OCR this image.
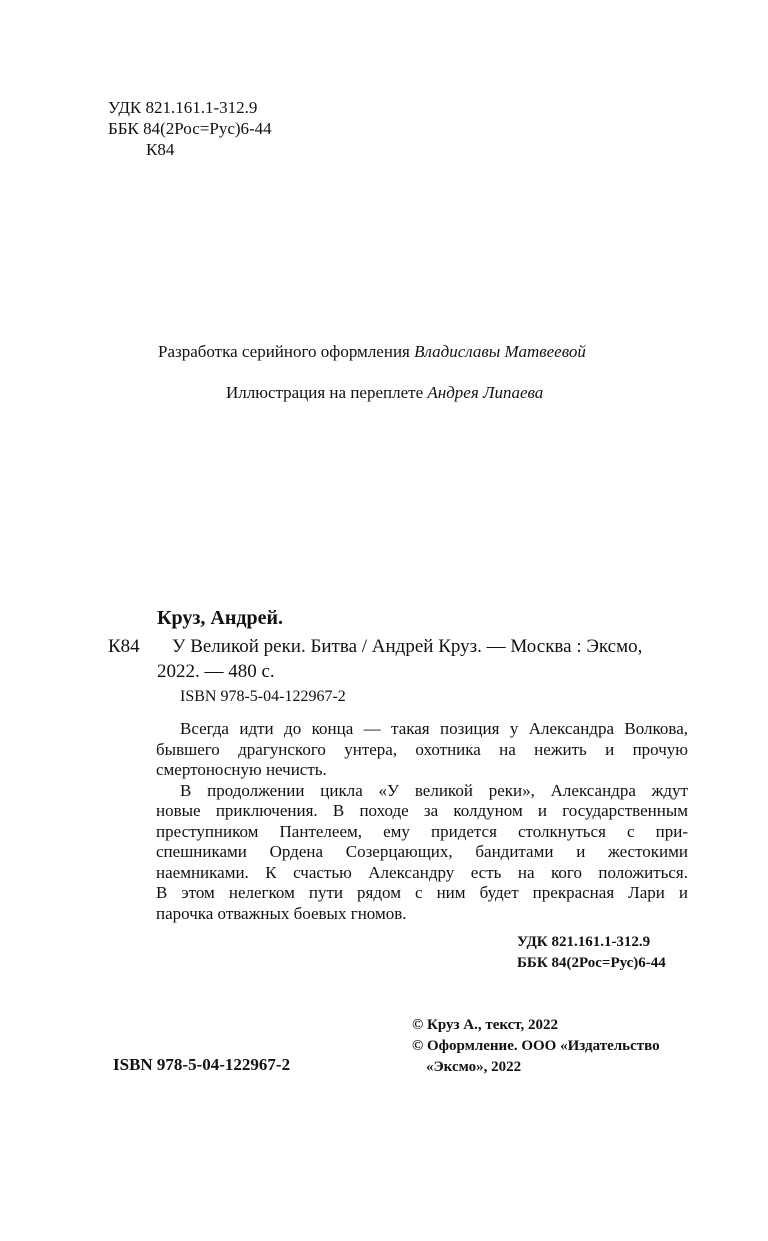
УДК 821.161.1-312.9
ББК 84(2Рос=Рус)6-44
К84
Разработка серийного оформления Владиславы Матвеевой
Иллюстрация на переплете Андрея Липаева
Круз, Андрей.
К84 У Великой реки. Битва / Андрей Круз. — Москва : Эксмо,
2022. — 480 с.
ISBN 978-5-04-122967-2
Всегда идти до конца — такая позиция у Александра Волкова,
бывшего драгунского унтера, охотника на нежить и прочую
смертоносную нечисть.
В продолжении цикла «У великой реки», Александра ждут
новые приключения. В походе за колдуном и государственным
преступником Пантелеем, ему придется столкнуться с при-
спешниками Ордена Созерцающих, бандитами и жестокими
наемниками. К счастью Александру есть на кого положиться.
В этом нелегком пути рядом с ним будет прекрасная Лари и
парочка отважных боевых гномов.
УДК 821.161.1-312.9
ББК 84(2Рос=Рус)6-44
© Круз А., текст, 2022
© Оформление. ООО «Издательство
«Эксмо», 2022
ISBN 978-5-04-122967-2
